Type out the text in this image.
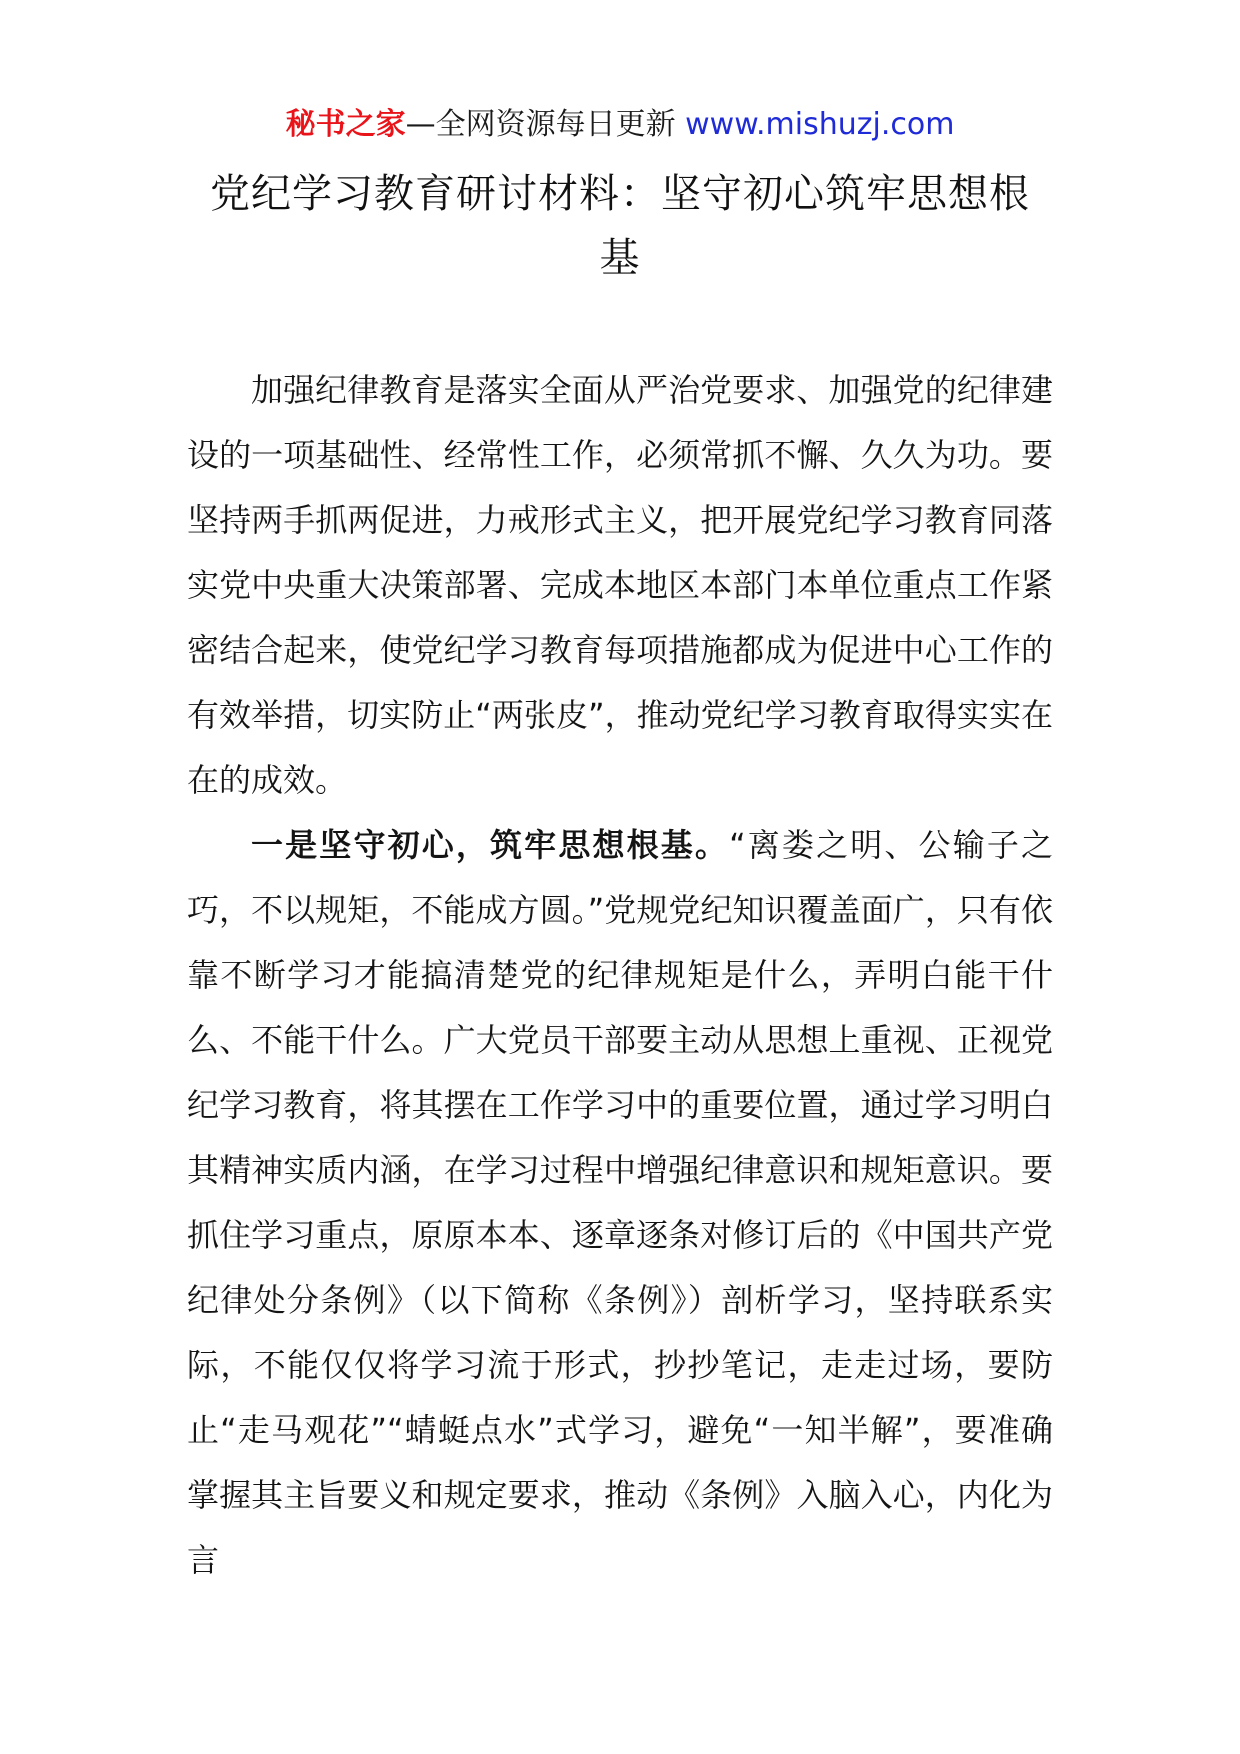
秘书之家—全网资源每日更新 www.mishuzj.com
党纪学习教育研讨材料：坚守初心筑牢思想根基

加强纪律教育是落实全面从严治党要求、加强党的纪律建设的一项基础性、经常性工作，必须常抓不懈、久久为功。要坚持两手抓两促进，力戒形式主义，把开展党纪学习教育同落实党中央重大决策部署、完成本地区本部门本单位重点工作紧密结合起来，使党纪学习教育每项措施都成为促进中心工作的有效举措，切实防止“两张皮”，推动党纪学习教育取得实实在在的成效。

一是坚守初心，筑牢思想根基。“离娄之明、公输子之巧，不以规矩，不能成方圆。”党规党纪知识覆盖面广，只有依靠不断学习才能搞清楚党的纪律规矩是什么，弄明白能干什么、不能干什么。广大党员干部要主动从思想上重视、正视党纪学习教育，将其摆在工作学习中的重要位置，通过学习明白其精神实质内涵，在学习过程中增强纪律意识和规矩意识。要抓住学习重点，原原本本、逐章逐条对修订后的《中国共产党纪律处分条例》（以下简称《条例》）剖析学习，坚持联系实际，不能仅仅将学习流于形式，抄抄笔记，走走过场，要防止“走马观花”“蜻蜓点水”式学习，避免“一知半解”，要准确掌握其主旨要义和规定要求，推动《条例》入脑入心，内化为言
